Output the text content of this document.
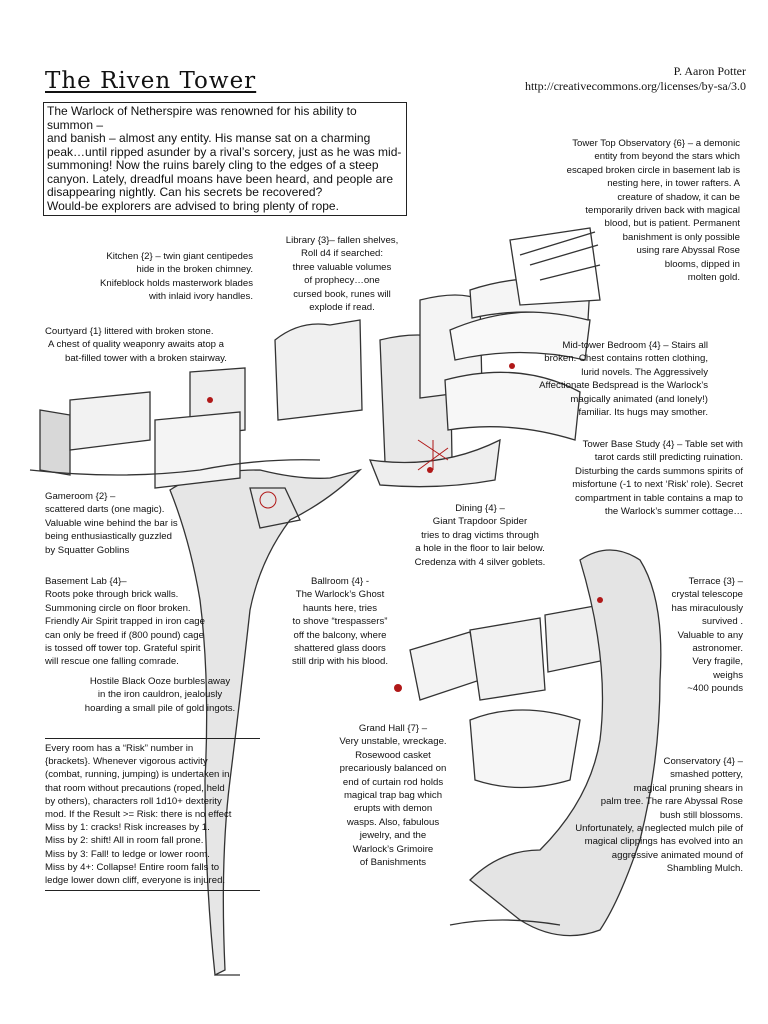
The Riven Tower	P. Aaron Potter
http://creativecommons.org/licenses/by-sa/3.0
The Warlock of Netherspire was renowned for his ability to summon –
and banish – almost any entity. His manse sat on a charming
peak…until ripped asunder by a rival’s sorcery, just as he was mid-
summoning! Now the ruins barely cling to the edges of a steep
canyon. Lately, dreadful moans have been heard, and people are
disappearing nightly. Can his secrets be recovered?
Would-be explorers are advised to bring plenty of rope.
Tower Top Observatory {6} – a demonic
entity from beyond the stars which
escaped broken circle in basement lab is
nesting here, in tower rafters. A
creature of shadow, it can be
temporarily driven back with magical
blood, but is patient. Permanent
banishment is only possible
using rare Abyssal Rose
blooms, dipped in
molten gold.
Kitchen {2} – twin giant centipedes
hide in the broken chimney.
Knifeblock holds masterwork blades
with inlaid ivory handles.
Library {3}– fallen shelves,
Roll d4 if searched:
three valuable volumes
of prophecy…one
cursed book, runes will
explode if read.
Courtyard {1} littered with broken stone.
A chest of quality weaponry awaits atop a
bat-filled tower with a broken stairway.
Mid-tower Bedroom {4} – Stairs all
broken. Chest contains rotten clothing,
lurid novels. The Aggressively
Affectionate Bedspread is the Warlock’s
magically animated (and lonely!)
familiar. Its hugs may smother.
Tower Base Study {4} – Table set with
tarot cards still predicting ruination.
Disturbing the cards summons spirits of
misfortune (-1 to next ‘Risk’ role). Secret
compartment in table contains a map to
the Warlock’s summer cottage…
Gameroom {2} –
scattered darts (one magic).
Valuable wine behind the bar is
being enthusiastically guzzled
by Squatter Goblins
Dining {4} –
Giant Trapdoor Spider
tries to drag victims through
a hole in the floor to lair below.
Credenza with 4 silver goblets.
Basement Lab {4}–
Roots poke through brick walls.
Summoning circle on floor broken.
Friendly Air Spirit trapped in iron cage
can only be freed if (800 pound) cage
is tossed off tower top. Grateful spirit
will rescue one falling comrade.
Hostile Black Ooze burbles away
in the iron cauldron, jealously
hoarding a small pile of gold ingots.
Ballroom {4} -
The Warlock’s Ghost
haunts here, tries
to shove “trespassers”
off the balcony, where
shattered glass doors
still drip with his blood.
Terrace {3} –
crystal telescope
has miraculously
survived .
Valuable to any
astronomer.
Very fragile,
weighs
~400 pounds
Grand Hall {7} –
Very unstable, wreckage.
Rosewood casket
precariously balanced on
end of curtain rod holds
magical trap bag which
erupts with demon
wasps. Also, fabulous
jewelry, and the
Warlock’s Grimoire
of Banishments
Conservatory {4} –
smashed pottery,
magical pruning shears in
palm tree. The rare Abyssal Rose
bush still blossoms.
Unfortunately, a neglected mulch pile of
magical clippings has evolved into an
aggressive animated mound of
Shambling Mulch.

Every room has a “Risk” number in

{brackets}. Whenever vigorous activity

(combat, running, jumping) is undertaken in

that room without precautions (roped, held

by others), characters roll 1d10+ dexterity

mod. If the Result >= Risk: there is no effect

Miss by 1: cracks! Risk increases by 1.

Miss by 2: shift! All in room fall prone.

Miss by 3: Fall! to ledge or lower room.

Miss by 4+: Collapse! Entire room falls to

ledge lower down cliff, everyone is injured.
